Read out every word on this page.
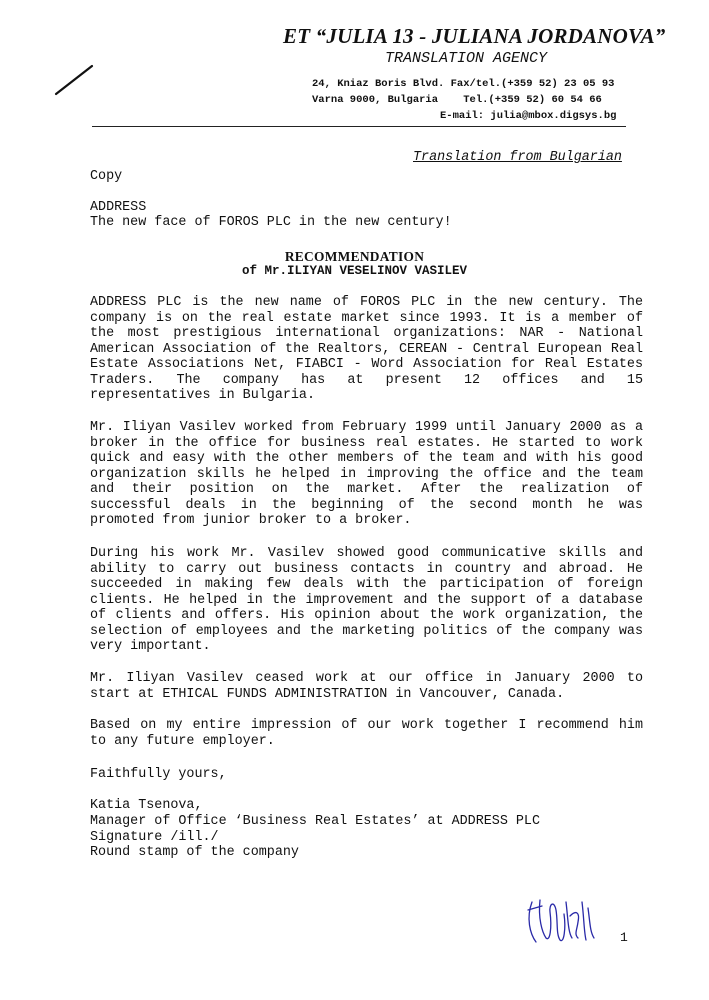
ET “JULIA 13 - JULIANA JORDANOVA”
TRANSLATION AGENCY
24, Kniaz Boris Blvd. Fax/tel.(+359 52) 23 05 93
Varna 9000, Bulgaria    Tel.(+359 52) 60 54 66
E-mail: julia@mbox.digsys.bg
Translation from Bulgarian
Copy
ADDRESS
The new face of FOROS PLC in the new century!
RECOMMENDATION
of Mr.ILIYAN VESELINOV VASILEV
ADDRESS PLC is the new name of FOROS PLC in the new century. The company is on the real estate market since 1993. It is a member of the most prestigious international organizations: NAR - National American Association of the Realtors, CEREAN - Central European Real Estate Associations Net, FIABCI - Word Association for Real Estates Traders. The company has at present 12 offices and 15 representatives in Bulgaria.
Mr. Iliyan Vasilev worked from February 1999 until January 2000 as a broker in the office for business real estates. He started to work quick and easy with the other members of the team and with his good organization skills he helped in improving the office and the team and their position on the market. After the realization of successful deals in the beginning of the second month he was promoted from junior broker to a broker.
During his work Mr. Vasilev showed good communicative skills and ability to carry out business contacts in country and abroad. He succeeded in making few deals with the participation of foreign clients. He helped in the improvement and the support of a database of clients and offers. His opinion about the work organization, the selection of employees and the marketing politics of the company was very important.
Mr. Iliyan Vasilev ceased work at our office in January 2000 to start at ETHICAL FUNDS ADMINISTRATION in Vancouver, Canada.
Based on my entire impression of our work together I recommend him to any future employer.
Faithfully yours,
Katia Tsenova,
Manager of Office ‘Business Real Estates’ at ADDRESS PLC
Signature /ill./
Round stamp of the company
1
